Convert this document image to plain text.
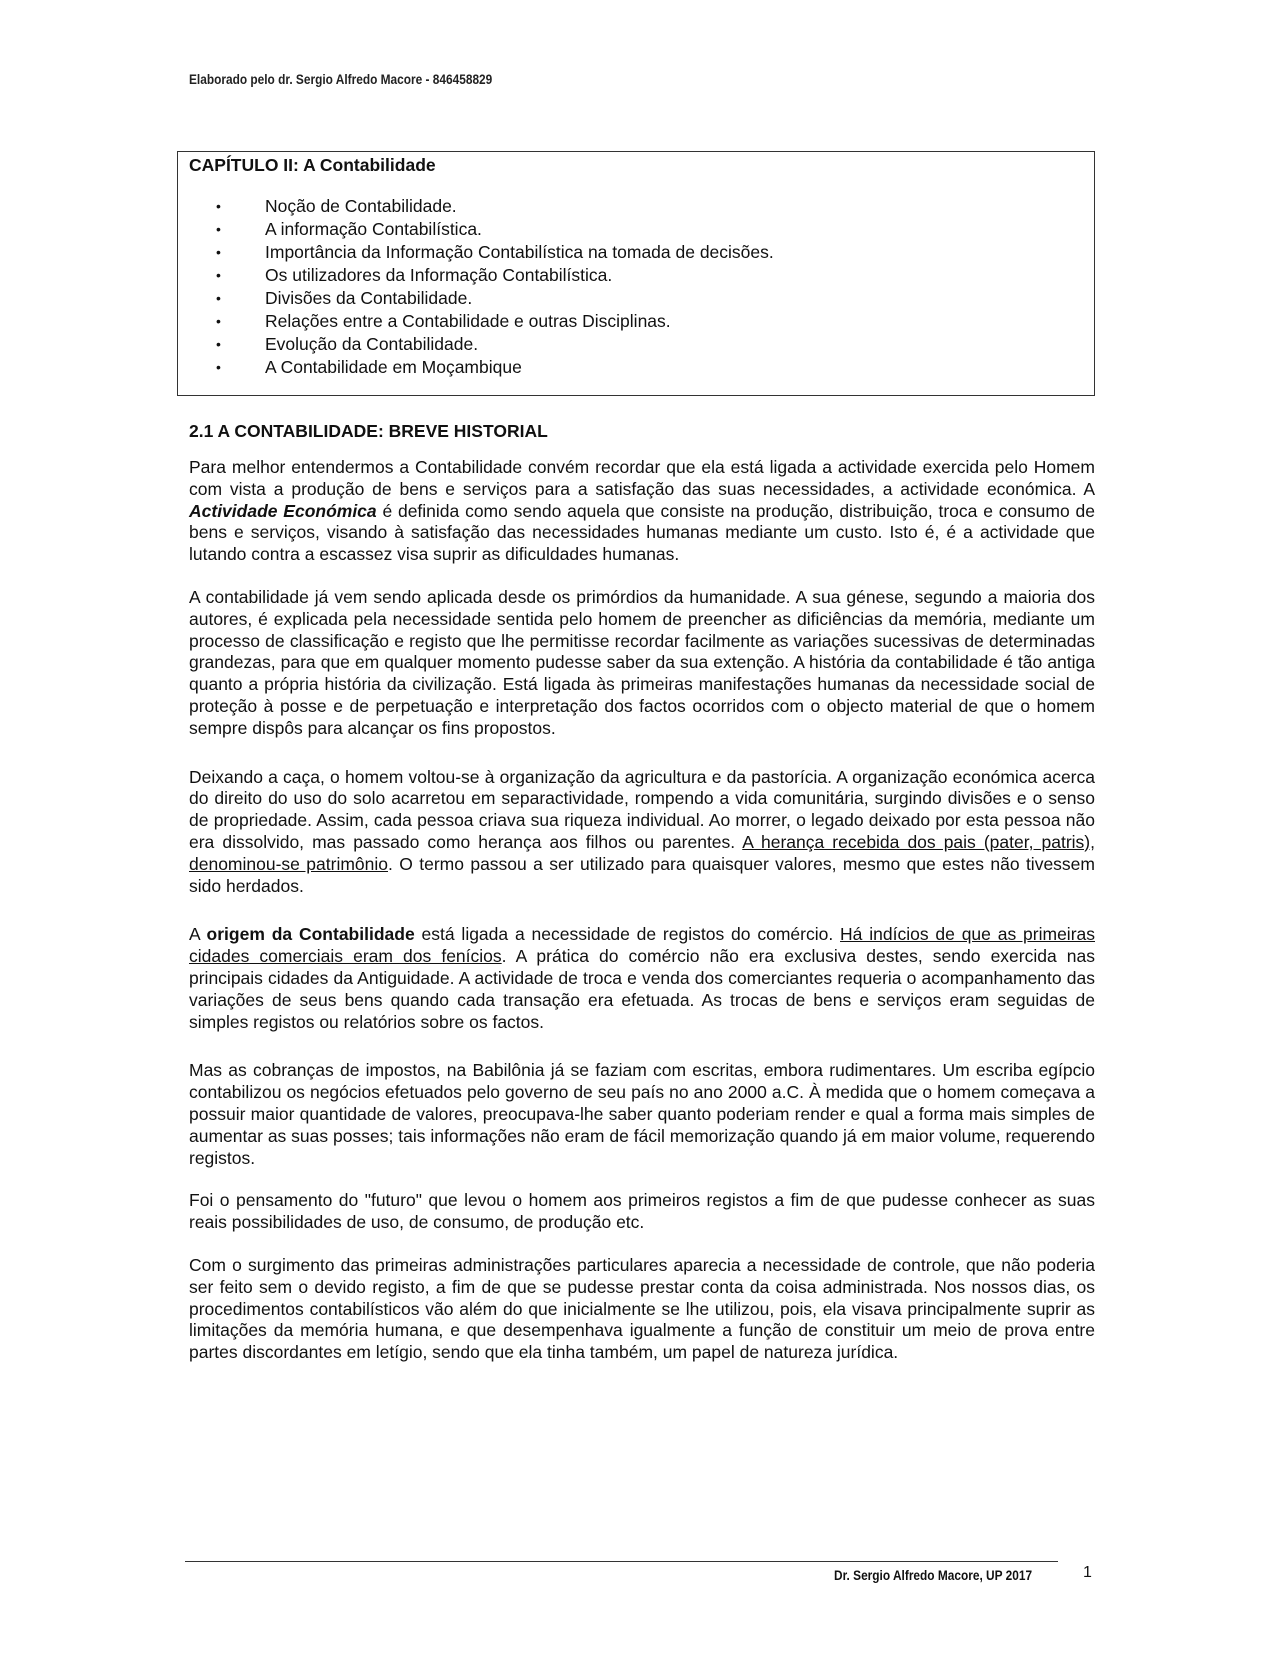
Elaborado pelo dr. Sergio Alfredo Macore - 846458829
CAPÍTULO II: A Contabilidade
•	Noção de Contabilidade.
•	A informação Contabilística.
•	Importância da Informação Contabilística na tomada de decisões.
•	Os utilizadores da Informação Contabilística.
•	Divisões da Contabilidade.
•	Relações entre a Contabilidade e outras Disciplinas.
•	Evolução da Contabilidade.
•	A Contabilidade em Moçambique
2.1 A CONTABILIDADE: BREVE HISTORIAL

Para melhor entendermos a Contabilidade convém recordar que ela está ligada a actividade exercida pelo Homem com vista a produção de bens e serviços para a satisfação das suas necessidades, a actividade económica. A Actividade Económica é definida como sendo aquela que consiste na produção, distribuição, troca e consumo de bens e serviços, visando à satisfação das necessidades humanas mediante um custo. Isto é, é a actividade que lutando contra a escassez visa suprir as dificuldades humanas.

A contabilidade já vem sendo aplicada desde os primórdios da humanidade. A sua génese, segundo a maioria dos autores, é explicada pela necessidade sentida pelo homem de preencher as dificiências da memória, mediante um processo de classificação e registo que lhe permitisse recordar facilmente as variações sucessivas de determinadas grandezas, para que em qualquer momento pudesse saber da sua extenção. A história da contabilidade é tão antiga quanto a própria história da civilização. Está ligada às primeiras manifestações humanas da necessidade social de proteção à posse e de perpetuação e interpretação dos factos ocorridos com o objecto material de que o homem sempre dispôs para alcançar os fins propostos.

Deixando a caça, o homem voltou-se à organização da agricultura e da pastorícia. A organização económica acerca do direito do uso do solo acarretou em separactividade, rompendo a vida comunitária, surgindo divisões e o senso de propriedade. Assim, cada pessoa criava sua riqueza individual. Ao morrer, o legado deixado por esta pessoa não era dissolvido, mas passado como herança aos filhos ou parentes. A herança recebida dos pais (pater, patris), denominou-se patrimônio. O termo passou a ser utilizado para quaisquer valores, mesmo que estes não tivessem sido herdados.

A origem da Contabilidade está ligada a necessidade de registos do comércio. Há indícios de que as primeiras cidades comerciais eram dos fenícios. A prática do comércio não era exclusiva destes, sendo exercida nas principais cidades da Antiguidade. A actividade de troca e venda dos comerciantes requeria o acompanhamento das variações de seus bens quando cada transação era efetuada. As trocas de bens e serviços eram seguidas de simples registos ou relatórios sobre os factos.

Mas as cobranças de impostos, na Babilônia já se faziam com escritas, embora rudimentares. Um escriba egípcio contabilizou os negócios efetuados pelo governo de seu país no ano 2000 a.C. À medida que o homem começava a possuir maior quantidade de valores, preocupava-lhe saber quanto poderiam render e qual a forma mais simples de aumentar as suas posses; tais informações não eram de fácil memorização quando já em maior volume, requerendo registos.

Foi o pensamento do "futuro" que levou o homem aos primeiros registos a fim de que pudesse conhecer as suas reais possibilidades de uso, de consumo, de produção etc.

Com o surgimento das primeiras administrações particulares aparecia a necessidade de controle, que não poderia ser feito sem o devido registo, a fim de que se pudesse prestar conta da coisa administrada. Nos nossos dias, os procedimentos contabilísticos vão além do que inicialmente se lhe utilizou, pois, ela visava principalmente suprir as limitações da memória humana, e que desempenhava igualmente a função de constituir um meio de prova entre partes discordantes em letígio, sendo que ela tinha também, um papel de natureza jurídica.

Dr. Sergio Alfredo Macore, UP 2017	1
